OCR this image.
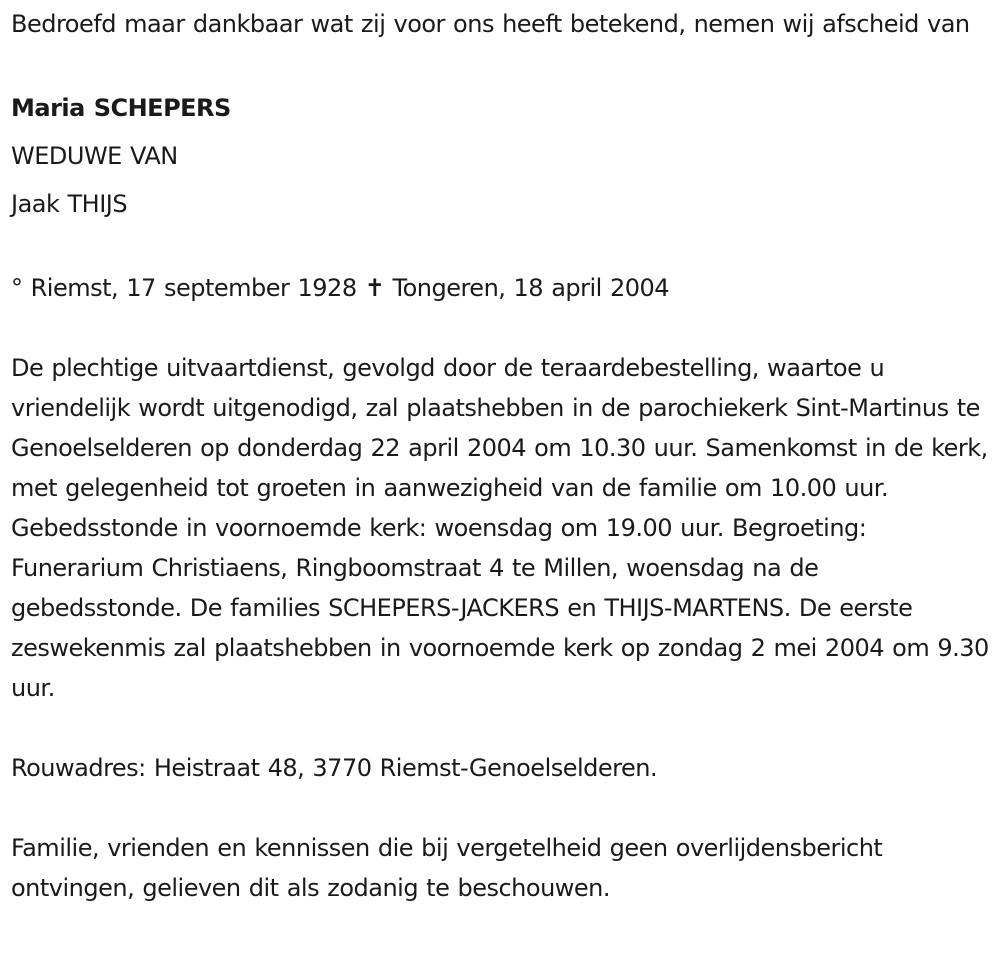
Bedroefd maar dankbaar wat zij voor ons heeft betekend, nemen wij afscheid van

Maria SCHEPERS

WEDUWE VAN

Jaak THIJS

° Riemst, 17 september 1928 ✝ Tongeren, 18 april 2004

De plechtige uitvaartdienst, gevolgd door de teraardebestelling, waartoe u vriendelijk wordt uitgenodigd, zal plaatshebben in de parochiekerk Sint-Martinus te Genoelselderen op donderdag 22 april 2004 om 10.30 uur. Samenkomst in de kerk, met gelegenheid tot groeten in aanwezigheid van de familie om 10.00 uur. Gebedsstonde in voornoemde kerk: woensdag om 19.00 uur. Begroeting: Funerarium Christiaens, Ringboomstraat 4 te Millen, woensdag na de gebedsstonde. De families SCHEPERS-JACKERS en THIJS-MARTENS. De eerste zeswekenmis zal plaatshebben in voornoemde kerk op zondag 2 mei 2004 om 9.30 uur.

Rouwadres: Heistraat 48, 3770 Riemst-Genoelselderen.

Familie, vrienden en kennissen die bij vergetelheid geen overlijdensbericht ontvingen, gelieven dit als zodanig te beschouwen.
